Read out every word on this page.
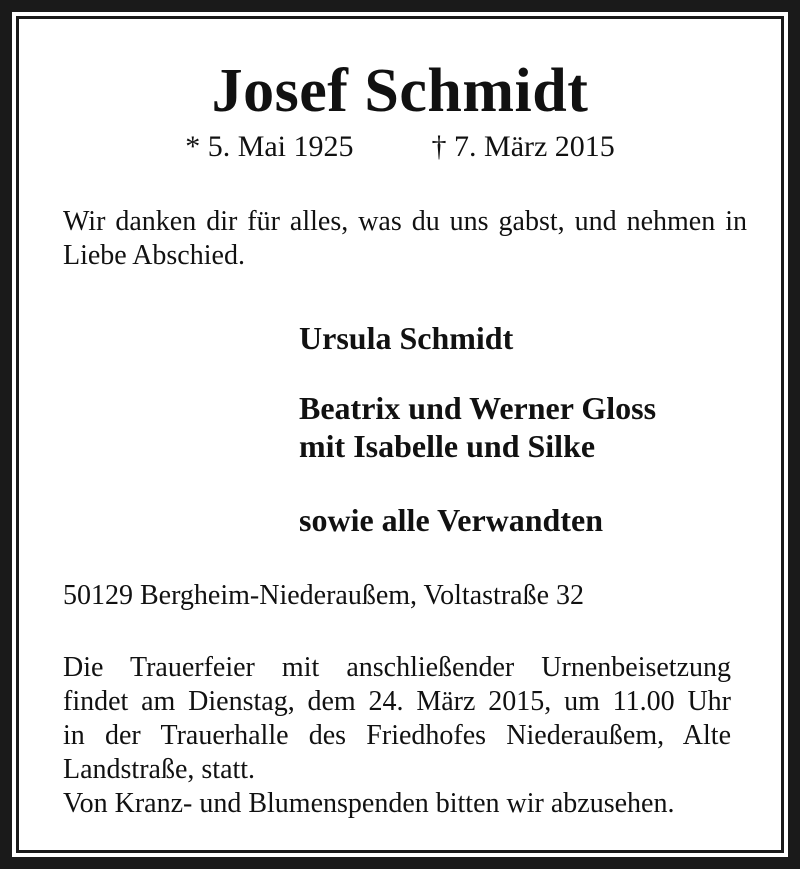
Josef Schmidt
* 5. Mai 1925	† 7. März 2015
Wir danken dir für alles, was du uns gabst, und nehmen in Liebe Abschied.
Ursula Schmidt
Beatrix und Werner Gloss
mit Isabelle und Silke
sowie alle Verwandten
50129 Bergheim-Niederaußem, Voltastraße 32
Die Trauerfeier mit anschließender Urnenbeisetzung
findet am Dienstag, dem 24. März 2015, um 11.00 Uhr
in der Trauerhalle des Friedhofes Niederaußem, Alte
Landstraße, statt.
Von Kranz- und Blumenspenden bitten wir abzusehen.
